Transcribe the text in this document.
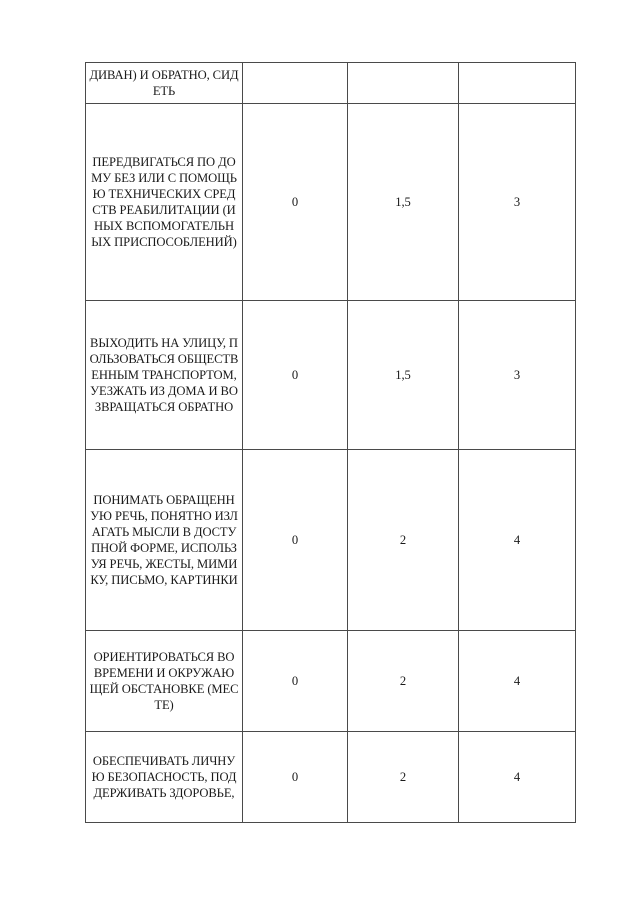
ДИВАН) И ОБРАТНО, СИДЕТЬ			
ПЕРЕДВИГАТЬСЯ ПО ДОМУ БЕЗ ИЛИ С ПОМОЩЬЮ ТЕХНИЧЕСКИХ СРЕДСТВ РЕАБИЛИТАЦИИ (ИНЫХ ВСПОМОГАТЕЛЬНЫХ ПРИСПОСОБЛЕНИЙ)	0	1,5	3
ВЫХОДИТЬ НА УЛИЦУ, ПОЛЬЗОВАТЬСЯ ОБЩЕСТВЕННЫМ ТРАНСПОРТОМ, УЕЗЖАТЬ ИЗ ДОМА И ВОЗВРАЩАТЬСЯ ОБРАТНО	0	1,5	3
ПОНИМАТЬ ОБРАЩЕННУЮ РЕЧЬ, ПОНЯТНО ИЗЛАГАТЬ МЫСЛИ В ДОСТУПНОЙ ФОРМЕ, ИСПОЛЬЗУЯ РЕЧЬ, ЖЕСТЫ, МИМИКУ, ПИСЬМО, КАРТИНКИ	0	2	4
ОРИЕНТИРОВАТЬСЯ ВО ВРЕМЕНИ И ОКРУЖАЮЩЕЙ ОБСТАНОВКЕ (МЕСТЕ)	0	2	4
ОБЕСПЕЧИВАТЬ ЛИЧНУЮ БЕЗОПАСНОСТЬ, ПОДДЕРЖИВАТЬ ЗДОРОВЬЕ,	0	2	4
